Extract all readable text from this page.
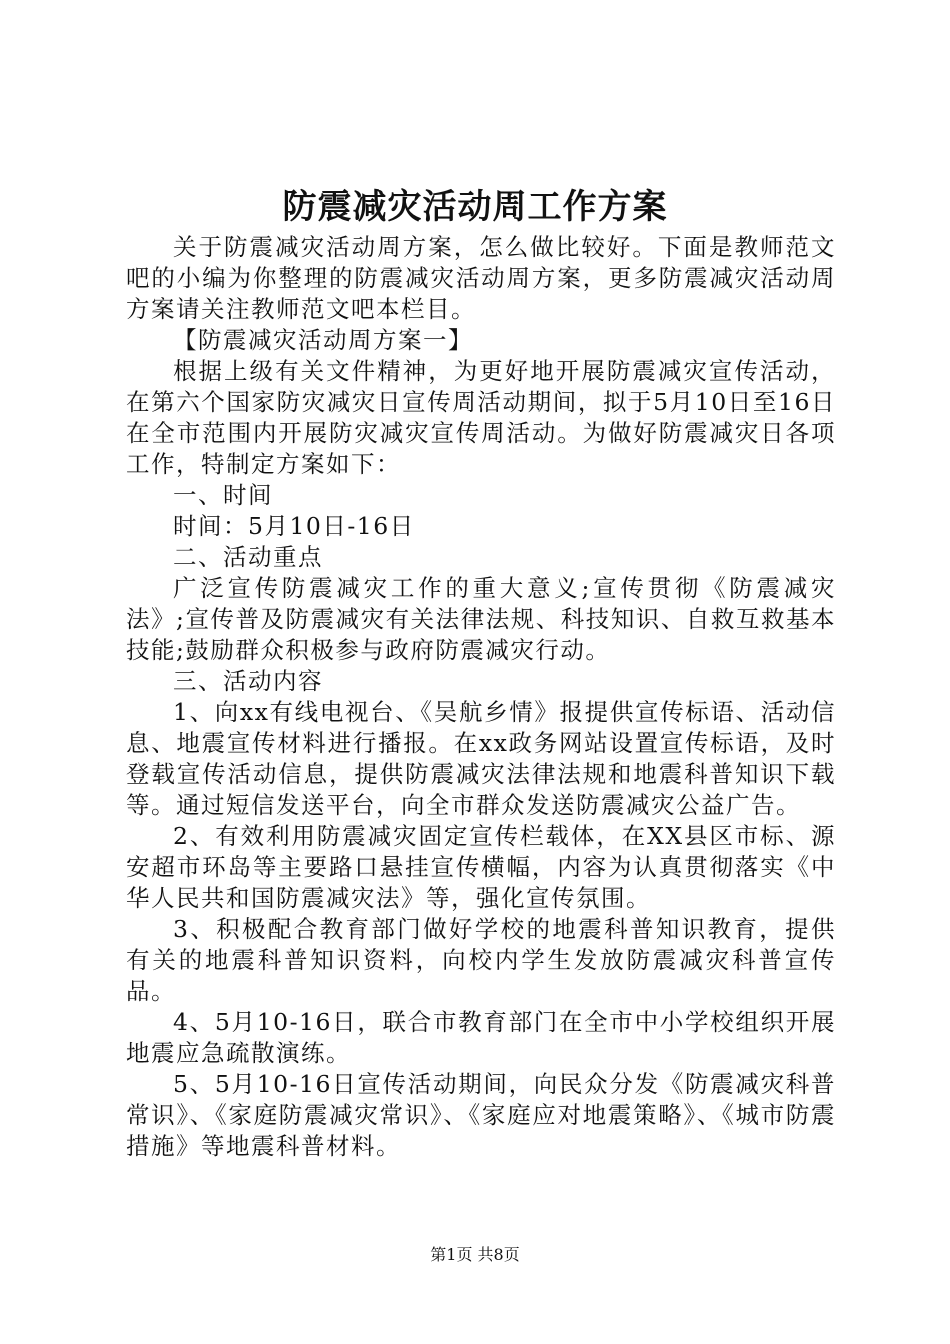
防震减灾活动周工作方案

关于防震减灾活动周方案，怎么做比较好。下面是教师范文吧的小编为你整理的防震减灾活动周方案，更多防震减灾活动周方案请关注教师范文吧本栏目。

【防震减灾活动周方案一】

根据上级有关文件精神，为更好地开展防震减灾宣传活动，在第六个国家防灾减灾日宣传周活动期间，拟于5月10日至16日在全市范围内开展防灾减灾宣传周活动。为做好防震减灾日各项工作，特制定方案如下：

一、时间

时间：5月10日-16日

二、活动重点

广泛宣传防震减灾工作的重大意义;宣传贯彻《防震减灾法》;宣传普及防震减灾有关法律法规、科技知识、自救互救基本技能;鼓励群众积极参与政府防震减灾行动。

三、活动内容

1、向xx有线电视台、《吴航乡情》报提供宣传标语、活动信息、地震宣传材料进行播报。在xx政务网站设置宣传标语，及时登载宣传活动信息，提供防震减灾法律法规和地震科普知识下载等。通过短信发送平台，向全市群众发送防震减灾公益广告。

2、有效利用防震减灾固定宣传栏载体，在XX县区市标、源安超市环岛等主要路口悬挂宣传横幅，内容为认真贯彻落实《中华人民共和国防震减灾法》等，强化宣传氛围。

3、积极配合教育部门做好学校的地震科普知识教育，提供有关的地震科普知识资料，向校内学生发放防震减灾科普宣传品。

4、5月10-16日，联合市教育部门在全市中小学校组织开展地震应急疏散演练。

5、5月10-16日宣传活动期间，向民众分发《防震减灾科普常识》、《家庭防震减灾常识》、《家庭应对地震策略》、《城市防震措施》等地震科普材料。

第1页 共8页
